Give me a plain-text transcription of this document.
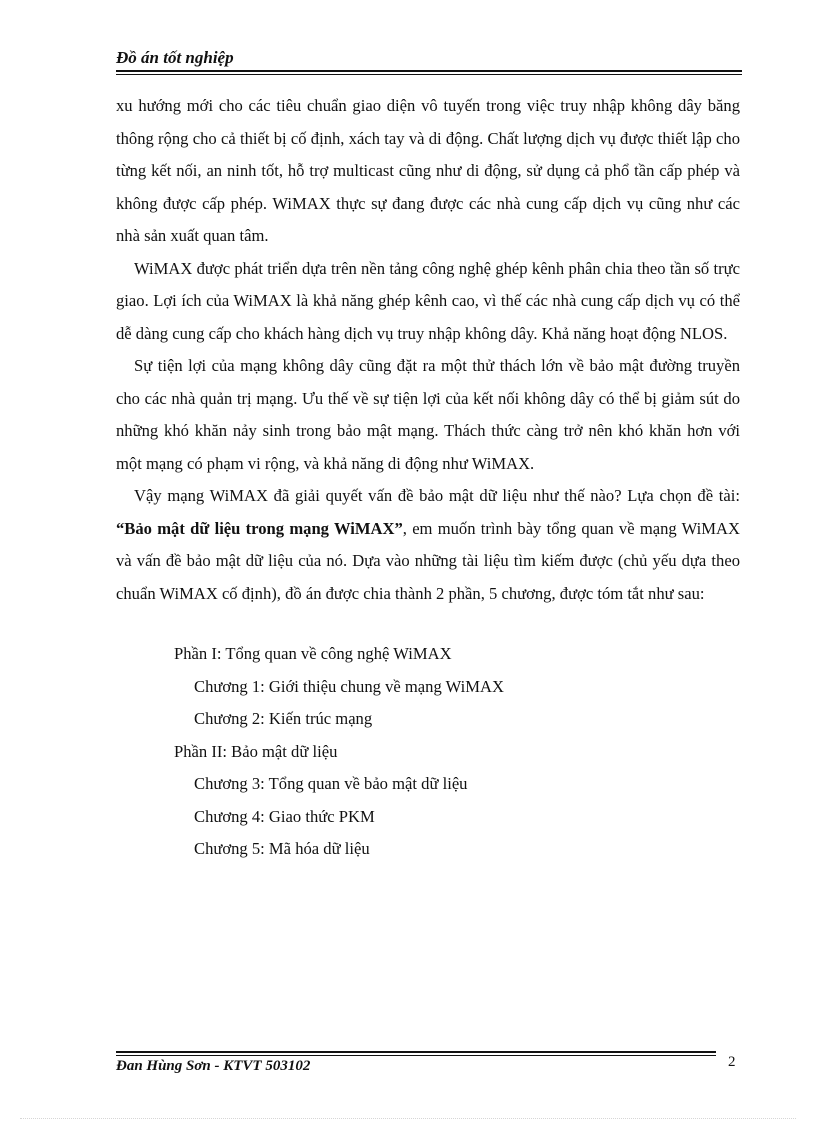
Đồ án tốt nghiệp

xu hướng mới cho các tiêu chuẩn giao diện vô tuyến trong việc truy nhập không dây băng thông rộng cho cả thiết bị cố định, xách tay và di động. Chất lượng dịch vụ được thiết lập cho từng kết nối, an ninh tốt, hỗ trợ multicast cũng như di động, sử dụng cả phổ tần cấp phép và không được cấp phép. WiMAX thực sự đang được các nhà cung cấp dịch vụ cũng như các nhà sản xuất quan tâm.

WiMAX được phát triển dựa trên nền tảng công nghệ ghép kênh phân chia theo tần số trực giao. Lợi ích của WiMAX là khả năng ghép kênh cao, vì thế các nhà cung cấp dịch vụ có thể dễ dàng cung cấp cho khách hàng dịch vụ truy nhập không dây. Khả năng hoạt động NLOS.

Sự tiện lợi của mạng không dây cũng đặt ra một thử thách lớn về bảo mật đường truyền cho các nhà quản trị mạng. Ưu thế về sự tiện lợi của kết nối không dây có thể bị giảm sút do những khó khăn nảy sinh trong bảo mật mạng. Thách thức càng trở nên khó khăn hơn với một mạng có phạm vi rộng, và khả năng di động như WiMAX.

Vậy mạng WiMAX đã giải quyết vấn đề bảo mật dữ liệu như thế nào? Lựa chọn đề tài: “Bảo mật dữ liệu trong mạng WiMAX”, em muốn trình bày tổng quan về mạng WiMAX và vấn đề bảo mật dữ liệu của nó. Dựa vào những tài liệu tìm kiếm được (chủ yếu dựa theo chuẩn WiMAX cố định), đồ án được chia thành 2 phần, 5 chương, được tóm tắt như sau:

Phần I: Tổng quan về công nghệ WiMAX

Chương 1: Giới thiệu chung về mạng WiMAX

Chương 2: Kiến trúc mạng

Phần II: Bảo mật dữ liệu

Chương 3: Tổng quan về bảo mật dữ liệu

Chương 4: Giao thức PKM

Chương 5: Mã hóa dữ liệu

Đan Hùng Sơn - KTVT 503102	2
